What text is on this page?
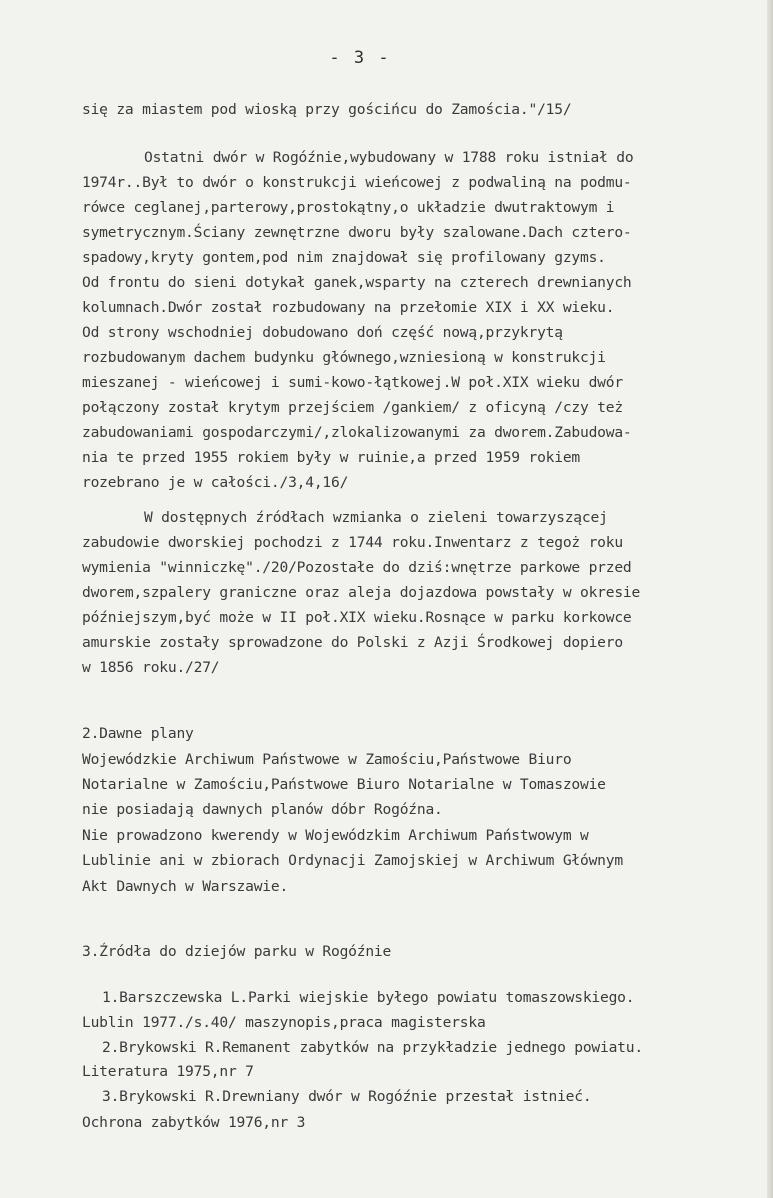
- 3 -
się za miastem pod wioską przy gościńcu do Zamościa."/15/
Ostatni dwór w Rogóźnie,wybudowany w 1788 roku istniał do
1974r..Był to dwór o konstrukcji wieńcowej z podwaliną na podmu-
rówce ceglanej,parterowy,prostokątny,o układzie dwutraktowym i
symetrycznym.Ściany zewnętrzne dworu były szalowane.Dach cztero-
spadowy,kryty gontem,pod nim znajdował się profilowany gzyms.
Od frontu do sieni dotykał ganek,wsparty na czterech drewnianych
kolumnach.Dwór został rozbudowany na przełomie XIX i XX wieku.
Od strony wschodniej dobudowano doń część nową,przykrytą
rozbudowanym dachem budynku głównego,wzniesioną w konstrukcji
mieszanej - wieńcowej i sumi-kowo-łątkowej.W poł.XIX wieku dwór
połączony został krytym przejściem /gankiem/ z oficyną /czy też
zabudowaniami gospodarczymi/,zlokalizowanymi za dworem.Zabudowa-
nia te przed 1955 rokiem były w ruinie,a przed 1959 rokiem
rozebrano je w całości./3,4,16/
W dostępnych źródłach wzmianka o zieleni towarzyszącej
zabudowie dworskiej pochodzi z 1744 roku.Inwentarz z tegoż roku
wymienia "winniczkę"./20/Pozostałe do dziś:wnętrze parkowe przed
dworem,szpalery graniczne oraz aleja dojazdowa powstały w okresie
późniejszym,być może w II poł.XIX wieku.Rosnące w parku korkowce
amurskie zostały sprowadzone do Polski z Azji Środkowej dopiero
w 1856 roku./27/
2.Dawne plany
Wojewódzkie Archiwum Państwowe w Zamościu,Państwowe Biuro
Notarialne w Zamościu,Państwowe Biuro Notarialne w Tomaszowie
nie posiadają dawnych planów dóbr Rogóźna.
Nie prowadzono kwerendy w Wojewódzkim Archiwum Państwowym w
Lublinie ani w zbiorach Ordynacji Zamojskiej w Archiwum Głównym
Akt Dawnych w Warszawie.
3.Źródła do dziejów parku w Rogóźnie
1.Barszczewska L.Parki wiejskie byłego powiatu tomaszowskiego.
Lublin 1977./s.40/ maszynopis,praca magisterska
2.Brykowski R.Remanent zabytków na przykładzie jednego powiatu.
Literatura 1975,nr 7
3.Brykowski R.Drewniany dwór w Rogóźnie przestał istnieć.
Ochrona zabytków 1976,nr 3
